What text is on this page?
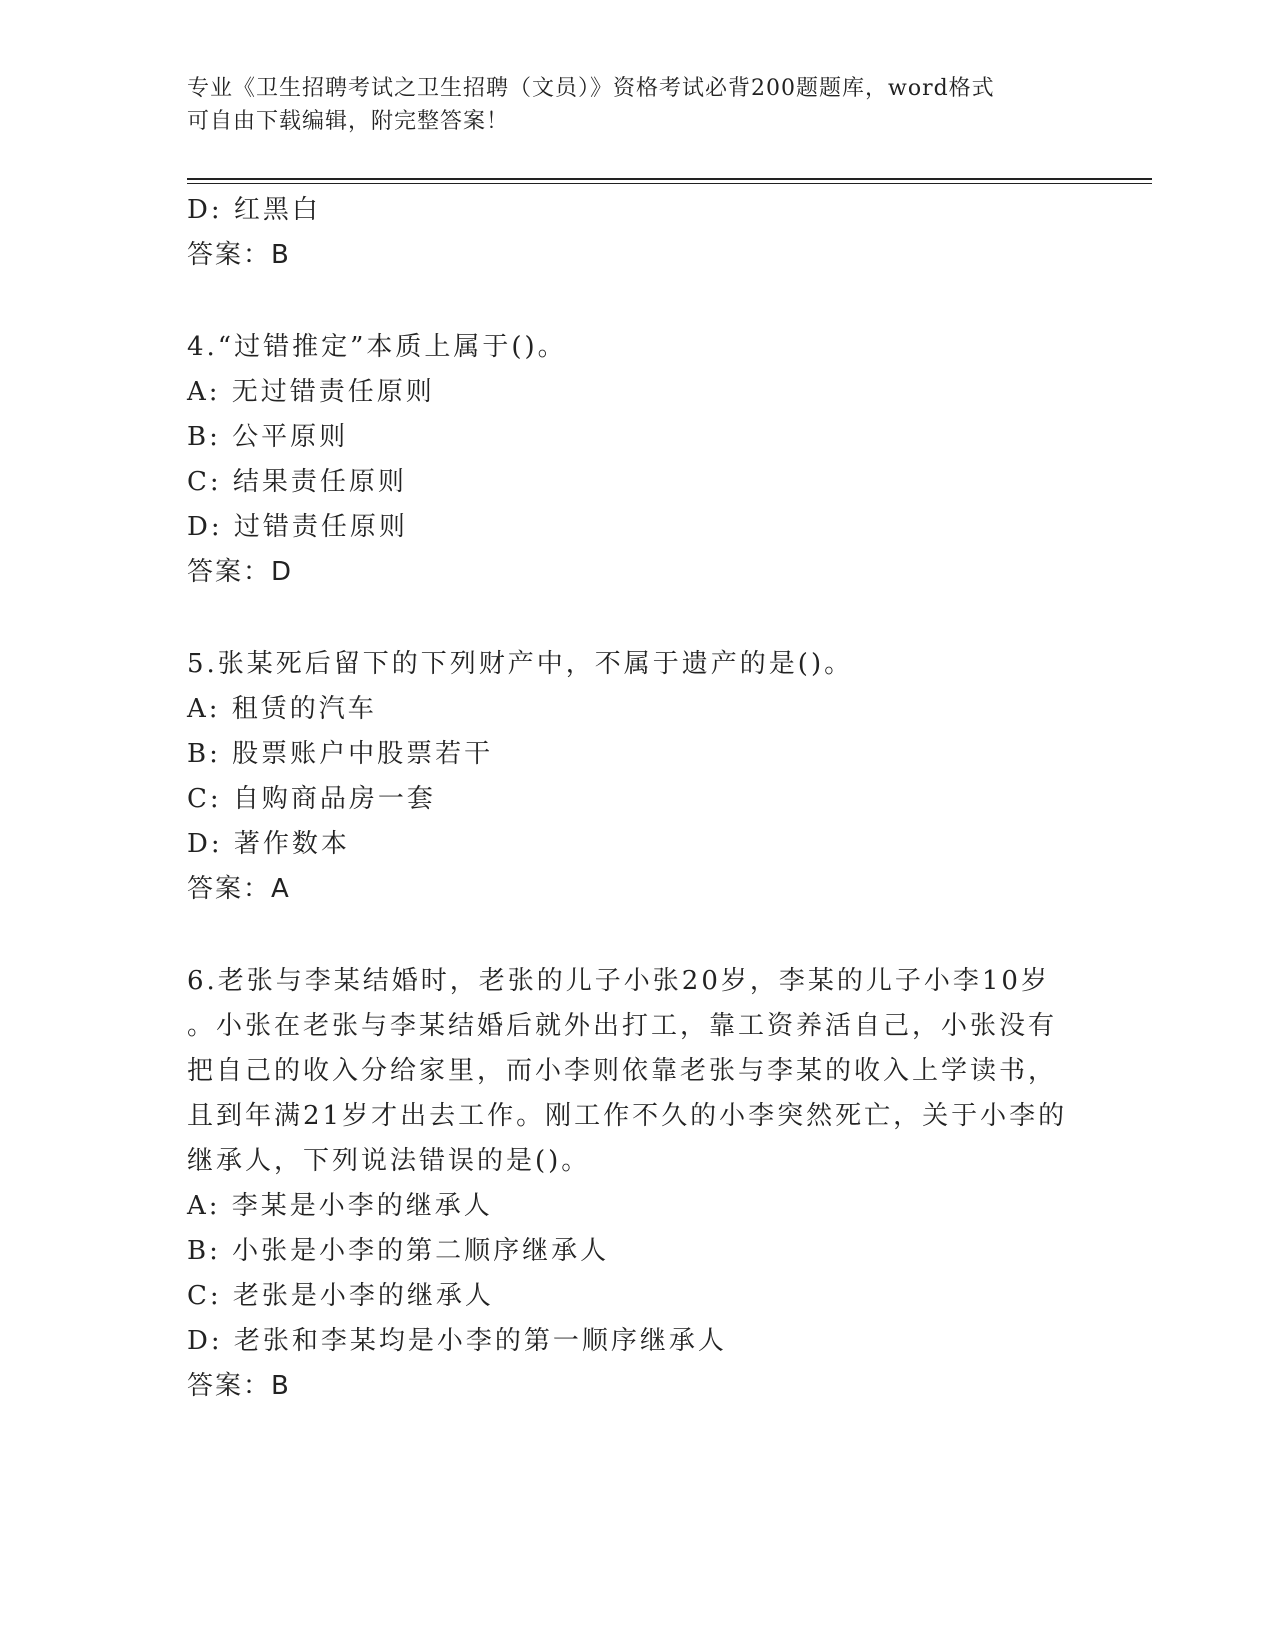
专业《卫生招聘考试之卫生招聘（文员）》资格考试必背200题题库，word格式
可自由下载编辑，附完整答案！
D: 红黑白
答案：B
4.“过错推定”本质上属于()。
A: 无过错责任原则
B: 公平原则
C: 结果责任原则
D: 过错责任原则
答案：D
5.张某死后留下的下列财产中，不属于遗产的是()。
A: 租赁的汽车
B: 股票账户中股票若干
C: 自购商品房一套
D: 著作数本
答案：A
6.老张与李某结婚时，老张的儿子小张20岁，李某的儿子小李10岁
。小张在老张与李某结婚后就外出打工，靠工资养活自己，小张没有
把自己的收入分给家里，而小李则依靠老张与李某的收入上学读书，
且到年满21岁才出去工作。刚工作不久的小李突然死亡，关于小李的
继承人，下列说法错误的是()。
A: 李某是小李的继承人
B: 小张是小李的第二顺序继承人
C: 老张是小李的继承人
D: 老张和李某均是小李的第一顺序继承人
答案：B
